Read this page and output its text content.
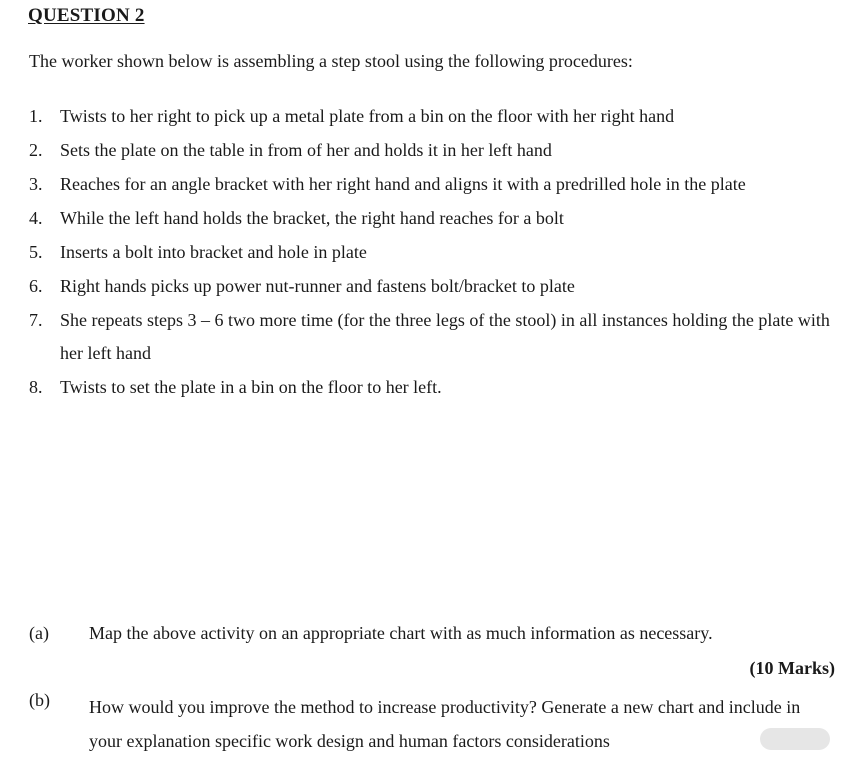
QUESTION 2
The worker shown below is assembling a step stool using the following procedures:
1. Twists to her right to pick up a metal plate from a bin on the floor with her right hand
2. Sets the plate on the table in from of her and holds it in her left hand
3. Reaches for an angle bracket with her right hand and aligns it with a predrilled hole in the plate
4. While the left hand holds the bracket, the right hand reaches for a bolt
5. Inserts a bolt into bracket and hole in plate
6. Right hands picks up power nut-runner and fastens bolt/bracket to plate
7. She repeats steps 3 – 6 two more time (for the three legs of the stool) in all instances holding the plate with her left hand
8. Twists to set the plate in a bin on the floor to her left.
(a) Map the above activity on an appropriate chart with as much information as necessary.
(10 Marks)
(b) How would you improve the method to increase productivity? Generate a new chart and include in your explanation specific work design and human factors considerations
